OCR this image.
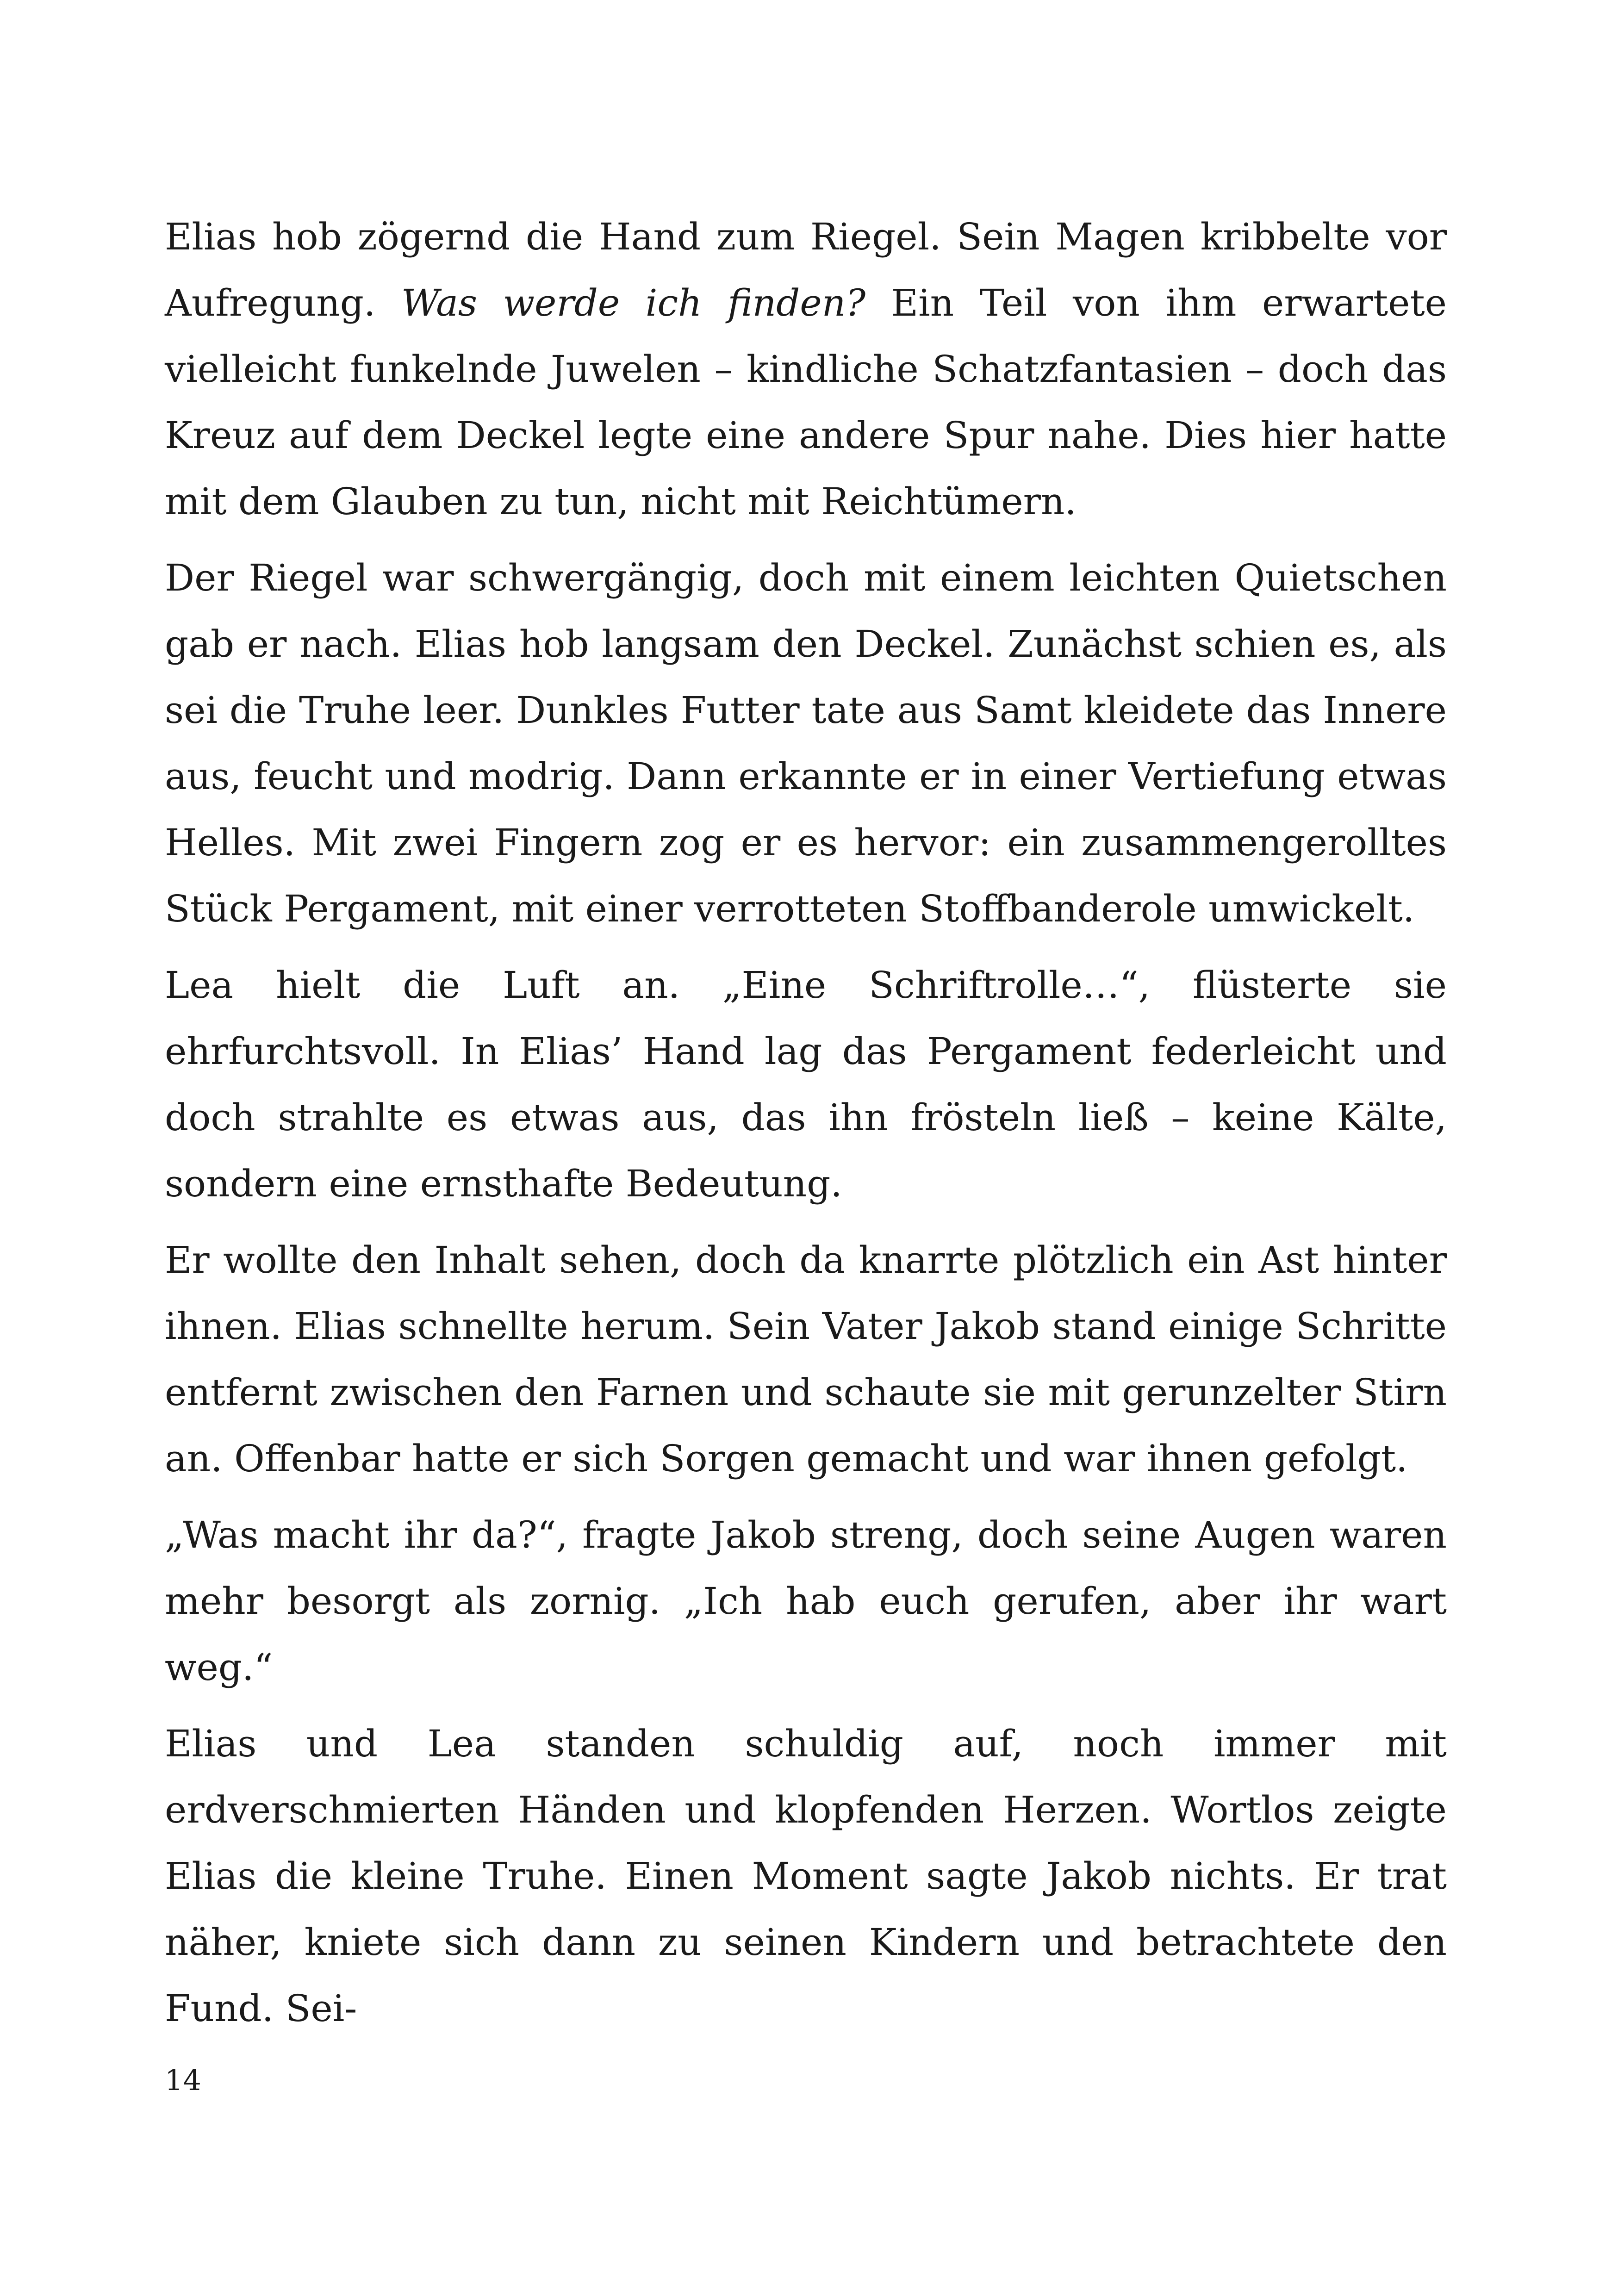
Elias hob zögernd die Hand zum Riegel. Sein Magen kribbelte vor Aufregung. Was werde ich finden? Ein Teil von ihm erwartete vielleicht funkelnde Juwelen – kindliche Schatzfantasien – doch das Kreuz auf dem Deckel legte eine andere Spur nahe. Dies hier hatte mit dem Glauben zu tun, nicht mit Reichtümern.

Der Riegel war schwergängig, doch mit einem leichten Quietschen gab er nach. Elias hob langsam den Deckel. Zunächst schien es, als sei die Truhe leer. Dunkles Futter tate aus Samt kleidete das Innere aus, feucht und modrig. Dann erkannte er in einer Vertiefung etwas Helles. Mit zwei Fingern zog er es hervor: ein zusammengerolltes Stück Pergament, mit einer verrotteten Stoffbanderole umwickelt.

Lea hielt die Luft an. „Eine Schriftrolle…“, flüsterte sie ehrfurchtsvoll. In Elias’ Hand lag das Pergament federleicht und doch strahlte es etwas aus, das ihn frösteln ließ – keine Kälte, sondern eine ernsthafte Bedeutung.

Er wollte den Inhalt sehen, doch da knarrte plötzlich ein Ast hinter ihnen. Elias schnellte herum. Sein Vater Jakob stand einige Schritte entfernt zwischen den Farnen und schaute sie mit gerunzelter Stirn an. Offenbar hatte er sich Sorgen gemacht und war ihnen gefolgt.

„Was macht ihr da?“, fragte Jakob streng, doch seine Augen waren mehr besorgt als zornig. „Ich hab euch gerufen, aber ihr wart weg.“

Elias und Lea standen schuldig auf, noch immer mit erdverschmierten Händen und klopfenden Herzen. Wortlos zeigte Elias die kleine Truhe. Einen Moment sagte Jakob nichts. Er trat näher, kniete sich dann zu seinen Kindern und betrachtete den Fund. Sei-

14
